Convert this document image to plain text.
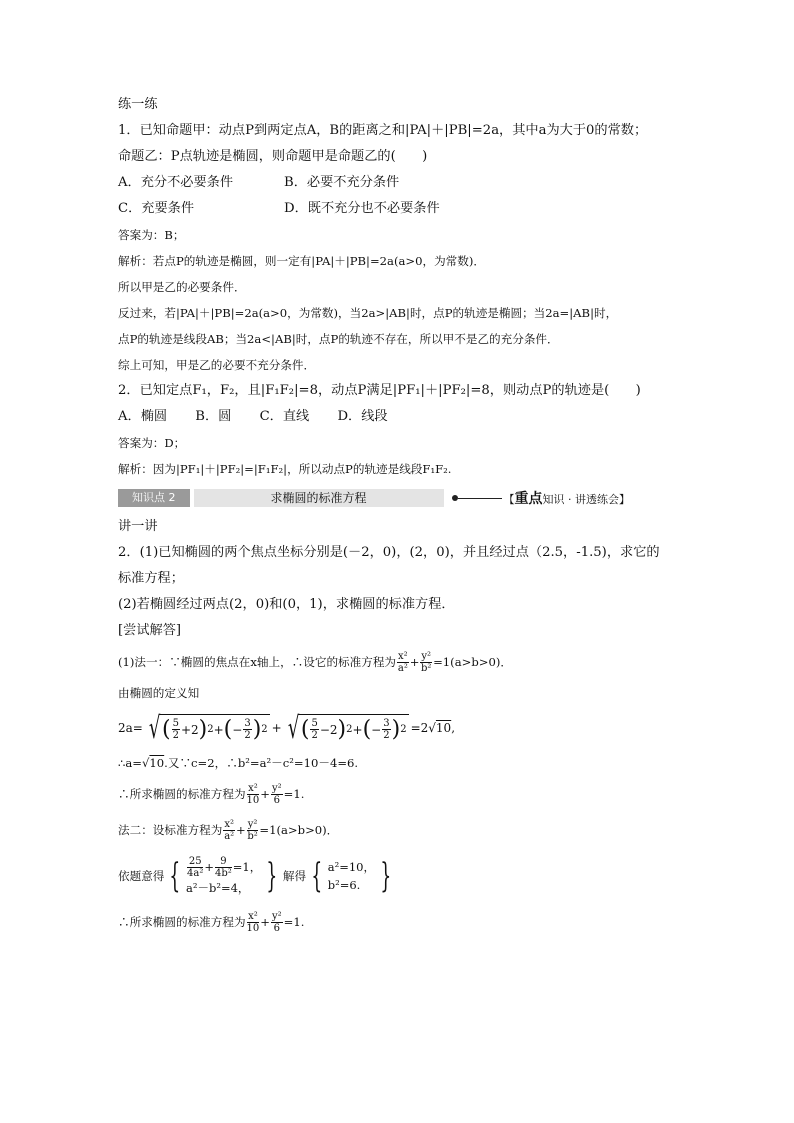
练一练
1．已知命题甲：动点P到两定点A，B的距离之和|PA|＋|PB|=2a，其中a为大于0的常数；
命题乙：P点轨迹是椭圆，则命题甲是命题乙的(　　)
A．充分不必要条件	B．必要不充分条件
C．充要条件	D．既不充分也不必要条件
答案为：B；
解析：若点P的轨迹是椭圆，则一定有|PA|＋|PB|=2a(a>0，为常数)．
所以甲是乙的必要条件．
反过来，若|PA|＋|PB|=2a(a>0，为常数)，当2a>|AB|时，点P的轨迹是椭圆；当2a=|AB|时，
点P的轨迹是线段AB；当2a<|AB|时，点P的轨迹不存在，所以甲不是乙的充分条件．
综上可知，甲是乙的必要不充分条件．
2．已知定点F₁，F₂，且|F₁F₂|=8，动点P满足|PF₁|＋|PF₂|=8，则动点P的轨迹是(　　)
A．椭圆 B．圆 C．直线 D．线段
答案为：D；
解析：因为|PF₁|＋|PF₂|=|F₁F₂|，所以动点P的轨迹是线段F₁F₂.
知识点 2	求椭圆的标准方程	【重点知识 · 讲透练会】
讲一讲
2．(1)已知椭圆的两个焦点坐标分别是(－2，0)，(2，0)，并且经过点（2.5，-1.5)，求它的
标准方程；
(2)若椭圆经过两点(2，0)和(0，1)，求椭圆的标准方程．
[尝试解答]
(1)法一：∵椭圆的焦点在x轴上，∴设它的标准方程为 $\frac{\text{x²}}{\text{a²}} + \frac{\text{y²}}{\text{b²}} =1(a>b>0)$．
由椭圆的定义知
2a= √ ( $\frac{5}{2} +2$ ) 2 + ( − $\frac{3}{2}$ ) 2 + √ ( $\frac{5}{2} -2$ ) 2 + ( − $\frac{3}{2}$ ) 2 =2 √ 10 ,
∴a=√10.又∵c=2，∴b²=a²－c²=10－4=6.
∴所求椭圆的标准方程为 $\frac{\text{x²}}{10} + \frac{\text{y²}}{6} =1$.
法二：设标准方程为 $\frac{\text{x²}}{\text{a²}} + \frac{\text{y²}}{\text{b²}} =1(a>b>0)$．
依题意得 { $\frac{25}{\text{4a²}} + \frac{9}{\text{4b²}} =1$，
a²－b²=4， } 解得 { a²=10，
b²=6. }
∴所求椭圆的标准方程为 $\frac{\text{x²}}{10} + \frac{\text{y²}}{6} =1$.
